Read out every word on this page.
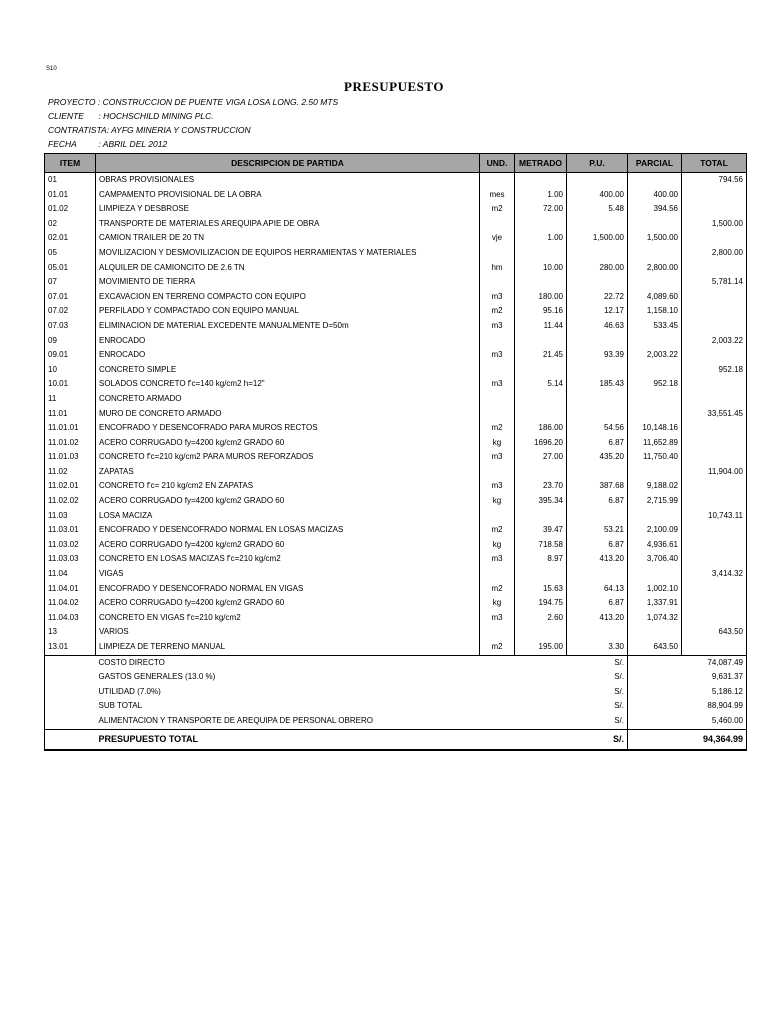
S10
PRESUPUESTO
PROYECTO : CONSTRUCCION DE PUENTE VIGA LOSA LONG. 2.50 MTS
CLIENTE : HOCHSCHILD MINING PLC.
CONTRATISTA: AYFG MINERIA Y CONSTRUCCION
FECHA	: ABRIL DEL 2012
ITEM	DESCRIPCION DE PARTIDA	UND.	METRADO	P.U.	PARCIAL	TOTAL
01	OBRAS PROVISIONALES					794.56
01.01	CAMPAMENTO PROVISIONAL DE LA OBRA	mes	1.00	400.00	400.00	
01.02	LIMPIEZA Y DESBROSE	m2	72.00	5.48	394.56	
02	TRANSPORTE DE MATERIALES AREQUIPA APIE DE OBRA					1,500.00
02.01	CAMION TRAILER DE 20 TN	vje	1.00	1,500.00	1,500.00	
05	MOVILIZACION Y DESMOVILIZACION DE EQUIPOS HERRAMIENTAS Y MATERIALES					2,800.00
05.01	ALQUILER DE CAMIONCITO DE 2.6 TN	hm	10.00	280.00	2,800.00	
07	MOVIMIENTO DE TIERRA					5,781.14
07.01	EXCAVACION EN TERRENO COMPACTO CON EQUIPO	m3	180.00	22.72	4,089.60	
07.02	PERFILADO Y COMPACTADO CON EQUIPO MANUAL	m2	95.16	12.17	1,158.10	
07.03	ELIMINACION DE MATERIAL EXCEDENTE MANUALMENTE D=50m	m3	11.44	46.63	533.45	
09	ENROCADO					2,003.22
09.01	ENROCADO	m3	21.45	93.39	2,003.22	
10	CONCRETO SIMPLE					952.18
10.01	SOLADOS CONCRETO f'c=140 kg/cm2 h=12"	m3	5.14	185.43	952.18	
11	CONCRETO ARMADO					
11.01	MURO DE CONCRETO ARMADO					33,551.45
11.01.01	ENCOFRADO Y DESENCOFRADO PARA MUROS RECTOS	m2	186.00	54.56	10,148.16	
11.01.02	ACERO CORRUGADO fy=4200 kg/cm2 GRADO 60	kg	1696.20	6.87	11,652.89	
11.01.03	CONCRETO f'c=210 kg/cm2 PARA MUROS REFORZADOS	m3	27.00	435.20	11,750.40	
11.02	ZAPATAS					11,904.00
11.02.01	CONCRETO f'c= 210 kg/cm2 EN ZAPATAS	m3	23.70	387.68	9,188.02	
11.02.02	ACERO CORRUGADO fy=4200 kg/cm2 GRADO 60	kg	395.34	6.87	2,715.99	
11.03	LOSA MACIZA					10,743.11
11.03.01	ENCOFRADO Y DESENCOFRADO NORMAL EN LOSAS MACIZAS	m2	39.47	53.21	2,100.09	
11.03.02	ACERO CORRUGADO fy=4200 kg/cm2 GRADO 60	kg	718.58	6.87	4,936.61	
11.03.03	CONCRETO EN LOSAS MACIZAS f'c=210 kg/cm2	m3	8.97	413.20	3,706.40	
11.04	VIGAS					3,414.32
11.04.01	ENCOFRADO Y DESENCOFRADO NORMAL EN VIGAS	m2	15.63	64.13	1,002.10	
11.04.02	ACERO CORRUGADO fy=4200 kg/cm2 GRADO 60	kg	194.75	6.87	1,337.91	
11.04.03	CONCRETO EN VIGAS f'c=210 kg/cm2	m3	2.60	413.20	1,074.32	
13	VARIOS					643.50
13.01	LIMPIEZA DE TERRENO MANUAL	m2	195.00	3.30	643.50	
	COSTO DIRECTO			S/.		74,087.49
	GASTOS GENERALES (13.0 %)			S/.		9,631.37
	UTILIDAD (7.0%)			S/.		5,186.12
	SUB TOTAL			S/.		88,904.99
	ALIMENTACION Y TRANSPORTE DE AREQUIPA DE PERSONAL OBRERO			S/.		5,460.00
	PRESUPUESTO TOTAL			S/.		94,364.99
